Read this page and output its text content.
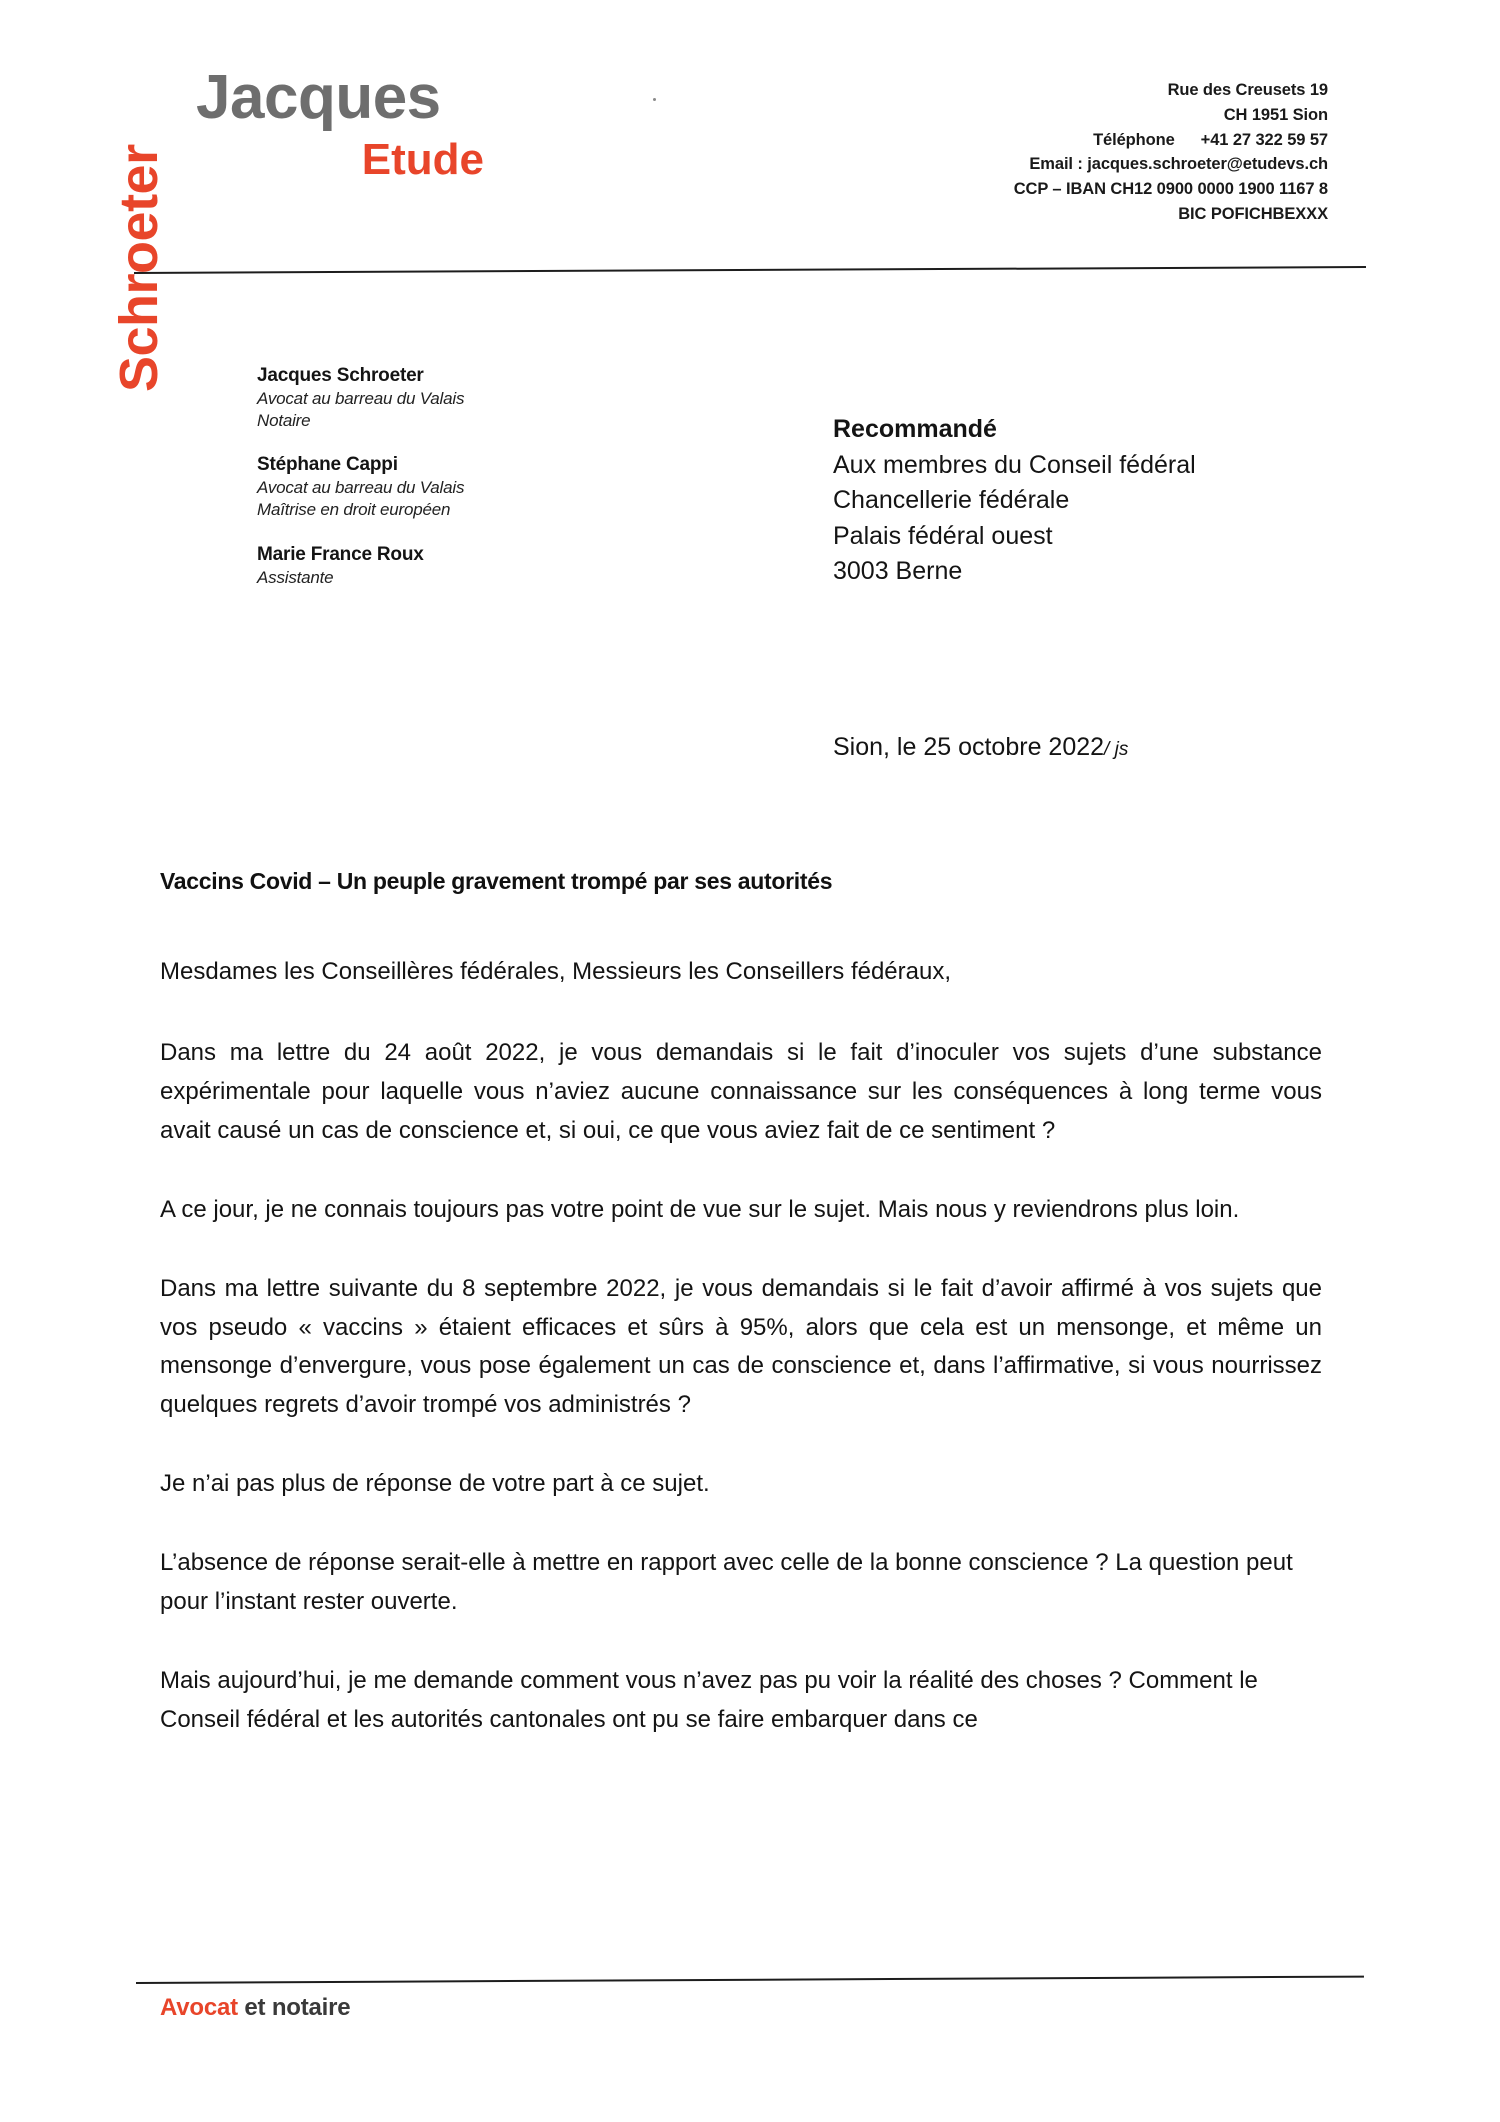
Jacques
Etude
Rue des Creusets 19
CH 1951 Sion
Téléphone +41 27 322 59 57
Email : jacques.schroeter@etudevs.ch
CCP – IBAN CH12 0900 0000 1900 1167 8
BIC POFICHBEXXX
Schroeter	Jacques Schroeter
Avocat au barreau du Valais
Notaire
Stéphane Cappi
Avocat au barreau du Valais
Maîtrise en droit européen
Marie France Roux
Assistante
Recommandé
Aux membres du Conseil fédéral
Chancellerie fédérale
Palais fédéral ouest
3003 Berne
Sion, le 25 octobre 2022/ js
Vaccins Covid – Un peuple gravement trompé par ses autorités
Mesdames les Conseillères fédérales, Messieurs les Conseillers fédéraux,

Dans ma lettre du 24 août 2022, je vous demandais si le fait d’inoculer vos sujets d’une substance expérimentale pour laquelle vous n’aviez aucune connaissance sur les conséquences à long terme vous avait causé un cas de conscience et, si oui, ce que vous aviez fait de ce sentiment ?

A ce jour, je ne connais toujours pas votre point de vue sur le sujet. Mais nous y reviendrons plus loin.

Dans ma lettre suivante du 8 septembre 2022, je vous demandais si le fait d’avoir affirmé à vos sujets que vos pseudo « vaccins » étaient efficaces et sûrs à 95%, alors que cela est un mensonge, et même un mensonge d’envergure, vous pose également un cas de conscience et, dans l’affirmative, si vous nourrissez quelques regrets d’avoir trompé vos administrés ?

Je n’ai pas plus de réponse de votre part à ce sujet.

L’absence de réponse serait-elle à mettre en rapport avec celle de la bonne conscience ? La question peut pour l’instant rester ouverte.

Mais aujourd’hui, je me demande comment vous n’avez pas pu voir la réalité des choses ? Comment le Conseil fédéral et les autorités cantonales ont pu se faire embarquer dans ce

Avocat et notaire
